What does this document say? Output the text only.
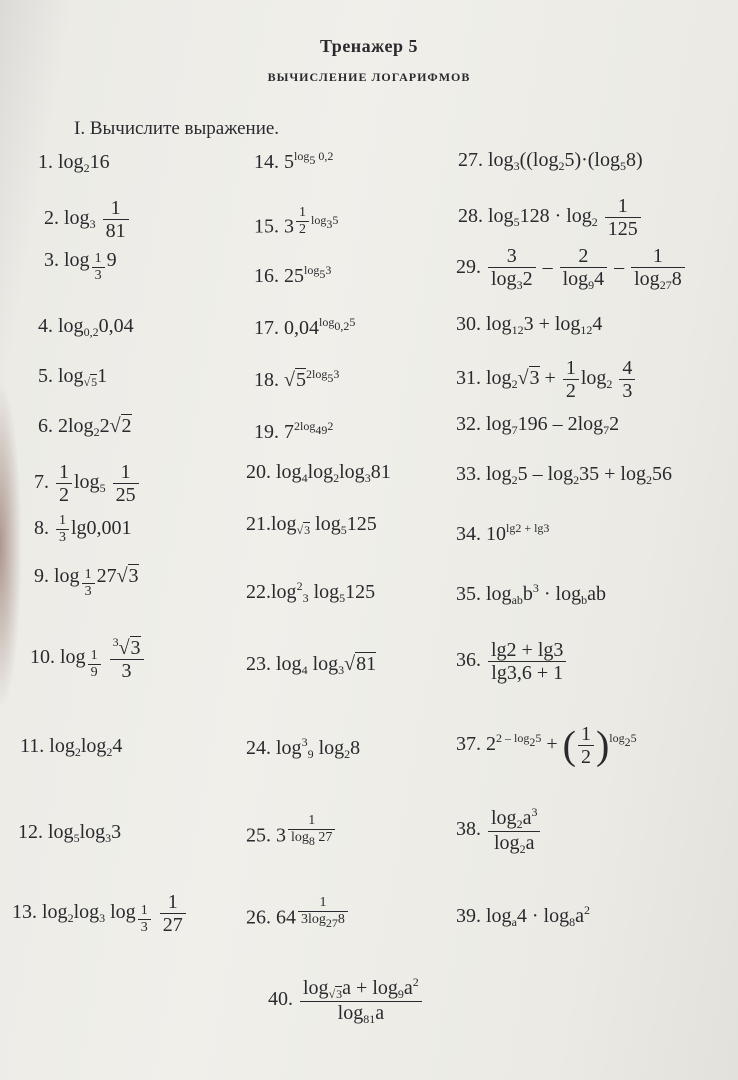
Тренажер 5
ВЫЧИСЛЕНИЕ ЛОГАРИФМОВ
I. Вычислите выражение.
1. $\log_216$
2. $\log_3 \frac{1}{81}$
3. log $_{\frac{1}{3}}$ 9
4. $\log_{0,2}0,04$
5. $\log_{√5}1$
6. $2\log_22√2$
7. $\frac{1}{2} \log_5 \frac{1}{25}$
8. $\frac{1}{3} \lg 0,001$
9. log $_{\frac{1}{3}}$ 27√3
10. log $_{\frac{1}{9}}$
$\frac{^3√3}{3}$
11. $\log_2\log_24$
12. $\log_5\log_33$
13. $\log_2\log_3$ log $_{\frac{1}{3}}$
$\frac{1}{27}$
14. $5^{log_5 0,2}$
15. 3 $^{\frac{1}{2} log_35}$
16. $25^{log_53}$
17. $0,04^{log_{0,2}5}$
18. $√5^{2log_53}$
19. $7^{2log_{49}2}$
20. $\log_4\log_2\log_381$
$21.\log_{√3}$ $\log_5125$
$22.\log^2_3$ $\log_5125$
23. $\log_4 \log_3√81$
24. $\log^3_9 \log_28$
25. 3 $^{\frac{1}{\log_8 27}}$
26. 64 $^{\frac{1}{3\log_{27}8}}$
27. $\log_3((\log_25)\cdot(\log_58)$
28. $\log_5128 \cdot \log_2 \frac{1}{125}$
29. $\frac{3}{\log_32} - \frac{2}{\log_94} - \frac{1}{\log_{27}8}$
30. $\log_{12}3 + \log_{12}4$
31. $\log_2√3 + \frac{1}{2} \log_2 \frac{4}{3}$
32. $\log_7196 - 2\log_72$
33. $\log_25 - \log_235 + \log_256$
34. $10^{lg2 + lg3}$
35. $\log_{ab}b^3 \cdot \log_bab$
36. $\frac{\lg 2 + \lg 3}{\lg 3,6 + 1}$
37. $2^{2 - log_25}$ + ( $\frac{1}{2} )^{log_25}$
38. $\frac{\log_2a^3}{\log_2a}$
39. $\log_a4 \cdot \log_8a^2$
40. $\frac{\log_{√3}a + \log_9a^2}{\log_{81}a}$
